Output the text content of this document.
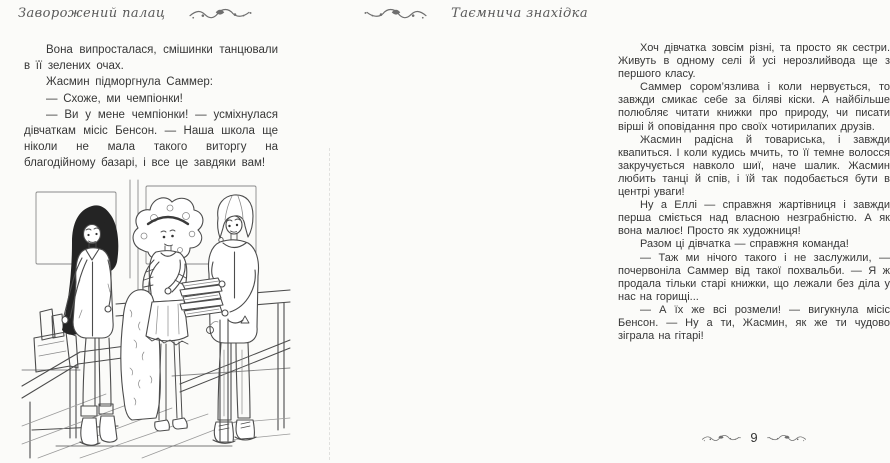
Заворожений палац

Вона випросталася, смішинки танцювали в її зелених очах.

Жасмин підморгнула Саммер:

— Схоже, ми чемпіонки!

— Ви у мене чемпіонки! — усміхнулася дівчаткам місіс Бенсон. — Наша школа ще ніколи не мала такого виторгу на благодійному базарі, і все це завдяки вам!

Таємнича знахідка

Хоч дівчатка зовсім різні, та просто як сестри. Живуть в одному селі й усі нерозлийвода ще з першого класу.

Саммер сором’язлива і коли нервується, то завжди смикає себе за біляві кіски. А найбільше полюбляє читати книжки про природу, чи писати вірші й оповідання про своїх чотирилапих друзів.

Жасмин радісна й товариська, і завжди квапиться. І коли кудись мчить, то її темне волосся закручується навколо шиї, наче шалик. Жасмин любить танці й спів, і їй так подобається бути в центрі уваги!

Ну а Еллі — справжня жартівниця і завжди перша сміється над власною незграбністю. А як вона малює! Просто як художниця!

Разом ці дівчатка — справжня команда!

— Таж ми нічого такого і не заслужили, — почервоніла Саммер від такої похвальби. — Я ж продала тільки старі книжки, що лежали без діла у нас на горищі...

— А їх же всі розмели! — вигукнула місіс Бенсон. — Ну а ти, Жасмин, як же ти чудово зіграла на гітарі!

9
